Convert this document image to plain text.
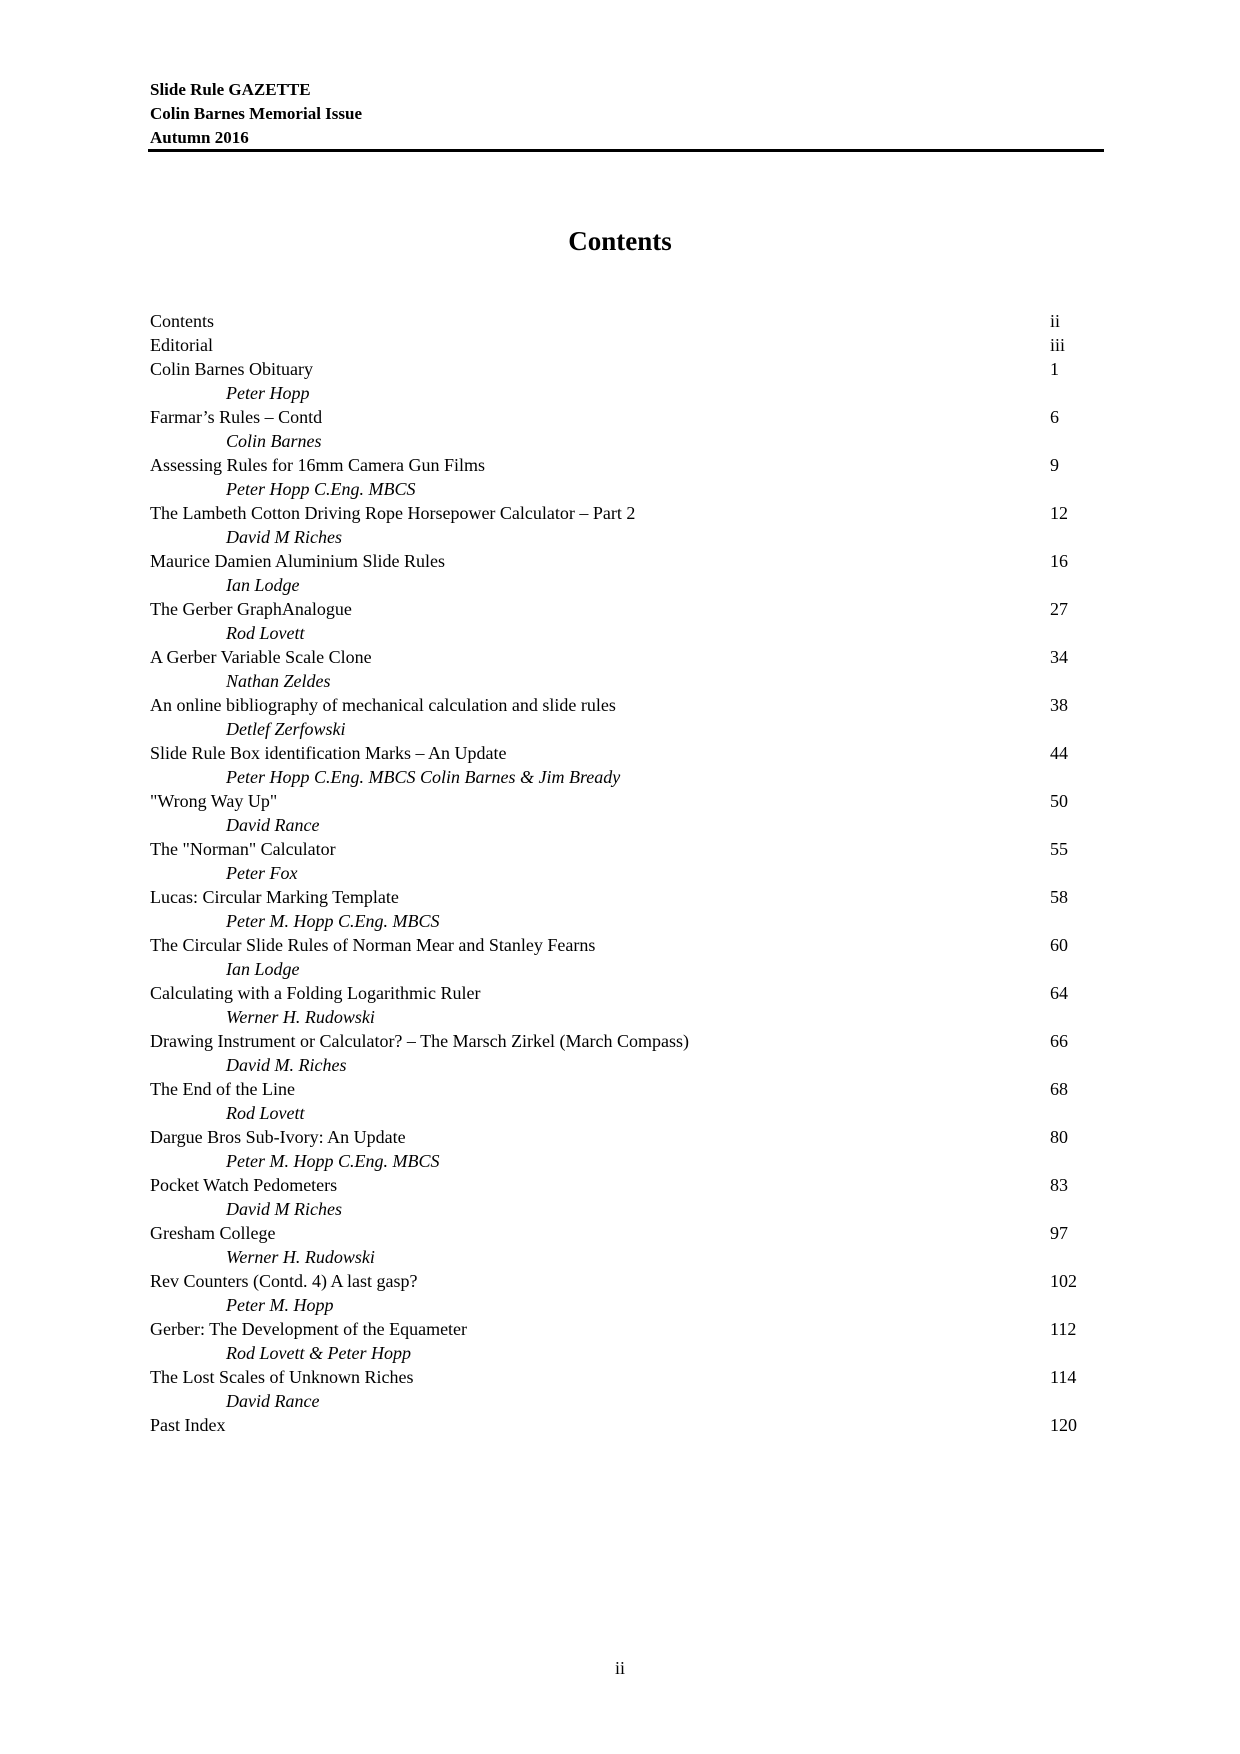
Slide Rule GAZETTE
Colin Barnes Memorial Issue
Autumn 2016
Contents
Contents	ii
Editorial	iii
Colin Barnes Obituary	1
Peter Hopp
Farmar’s Rules – Contd	6
Colin Barnes
Assessing Rules for 16mm Camera Gun Films	9
Peter Hopp C.Eng. MBCS
The Lambeth Cotton Driving Rope Horsepower Calculator – Part 2	12
David M Riches
Maurice Damien Aluminium Slide Rules	16
Ian Lodge
The Gerber GraphAnalogue	27
Rod Lovett
A Gerber Variable Scale Clone	34
Nathan Zeldes
An online bibliography of mechanical calculation and slide rules	38
Detlef Zerfowski
Slide Rule Box identification Marks – An Update	44
Peter Hopp C.Eng. MBCS Colin Barnes & Jim Bready
"Wrong Way Up"	50
David Rance
The "Norman" Calculator	55
Peter Fox
Lucas: Circular Marking Template	58
Peter M. Hopp C.Eng. MBCS
The Circular Slide Rules of Norman Mear and Stanley Fearns	60
Ian Lodge
Calculating with a Folding Logarithmic Ruler	64
Werner H. Rudowski
Drawing Instrument or Calculator? – The Marsch Zirkel (March Compass)	66
David M. Riches
The End of the Line	68
Rod Lovett
Dargue Bros Sub-Ivory: An Update	80
Peter M. Hopp C.Eng. MBCS
Pocket Watch Pedometers	83
David M Riches
Gresham College	97
Werner H. Rudowski
Rev Counters (Contd. 4) A last gasp?	102
Peter M. Hopp
Gerber: The Development of the Equameter	112
Rod Lovett & Peter Hopp
The Lost Scales of Unknown Riches	114
David Rance
Past Index	120
ii
